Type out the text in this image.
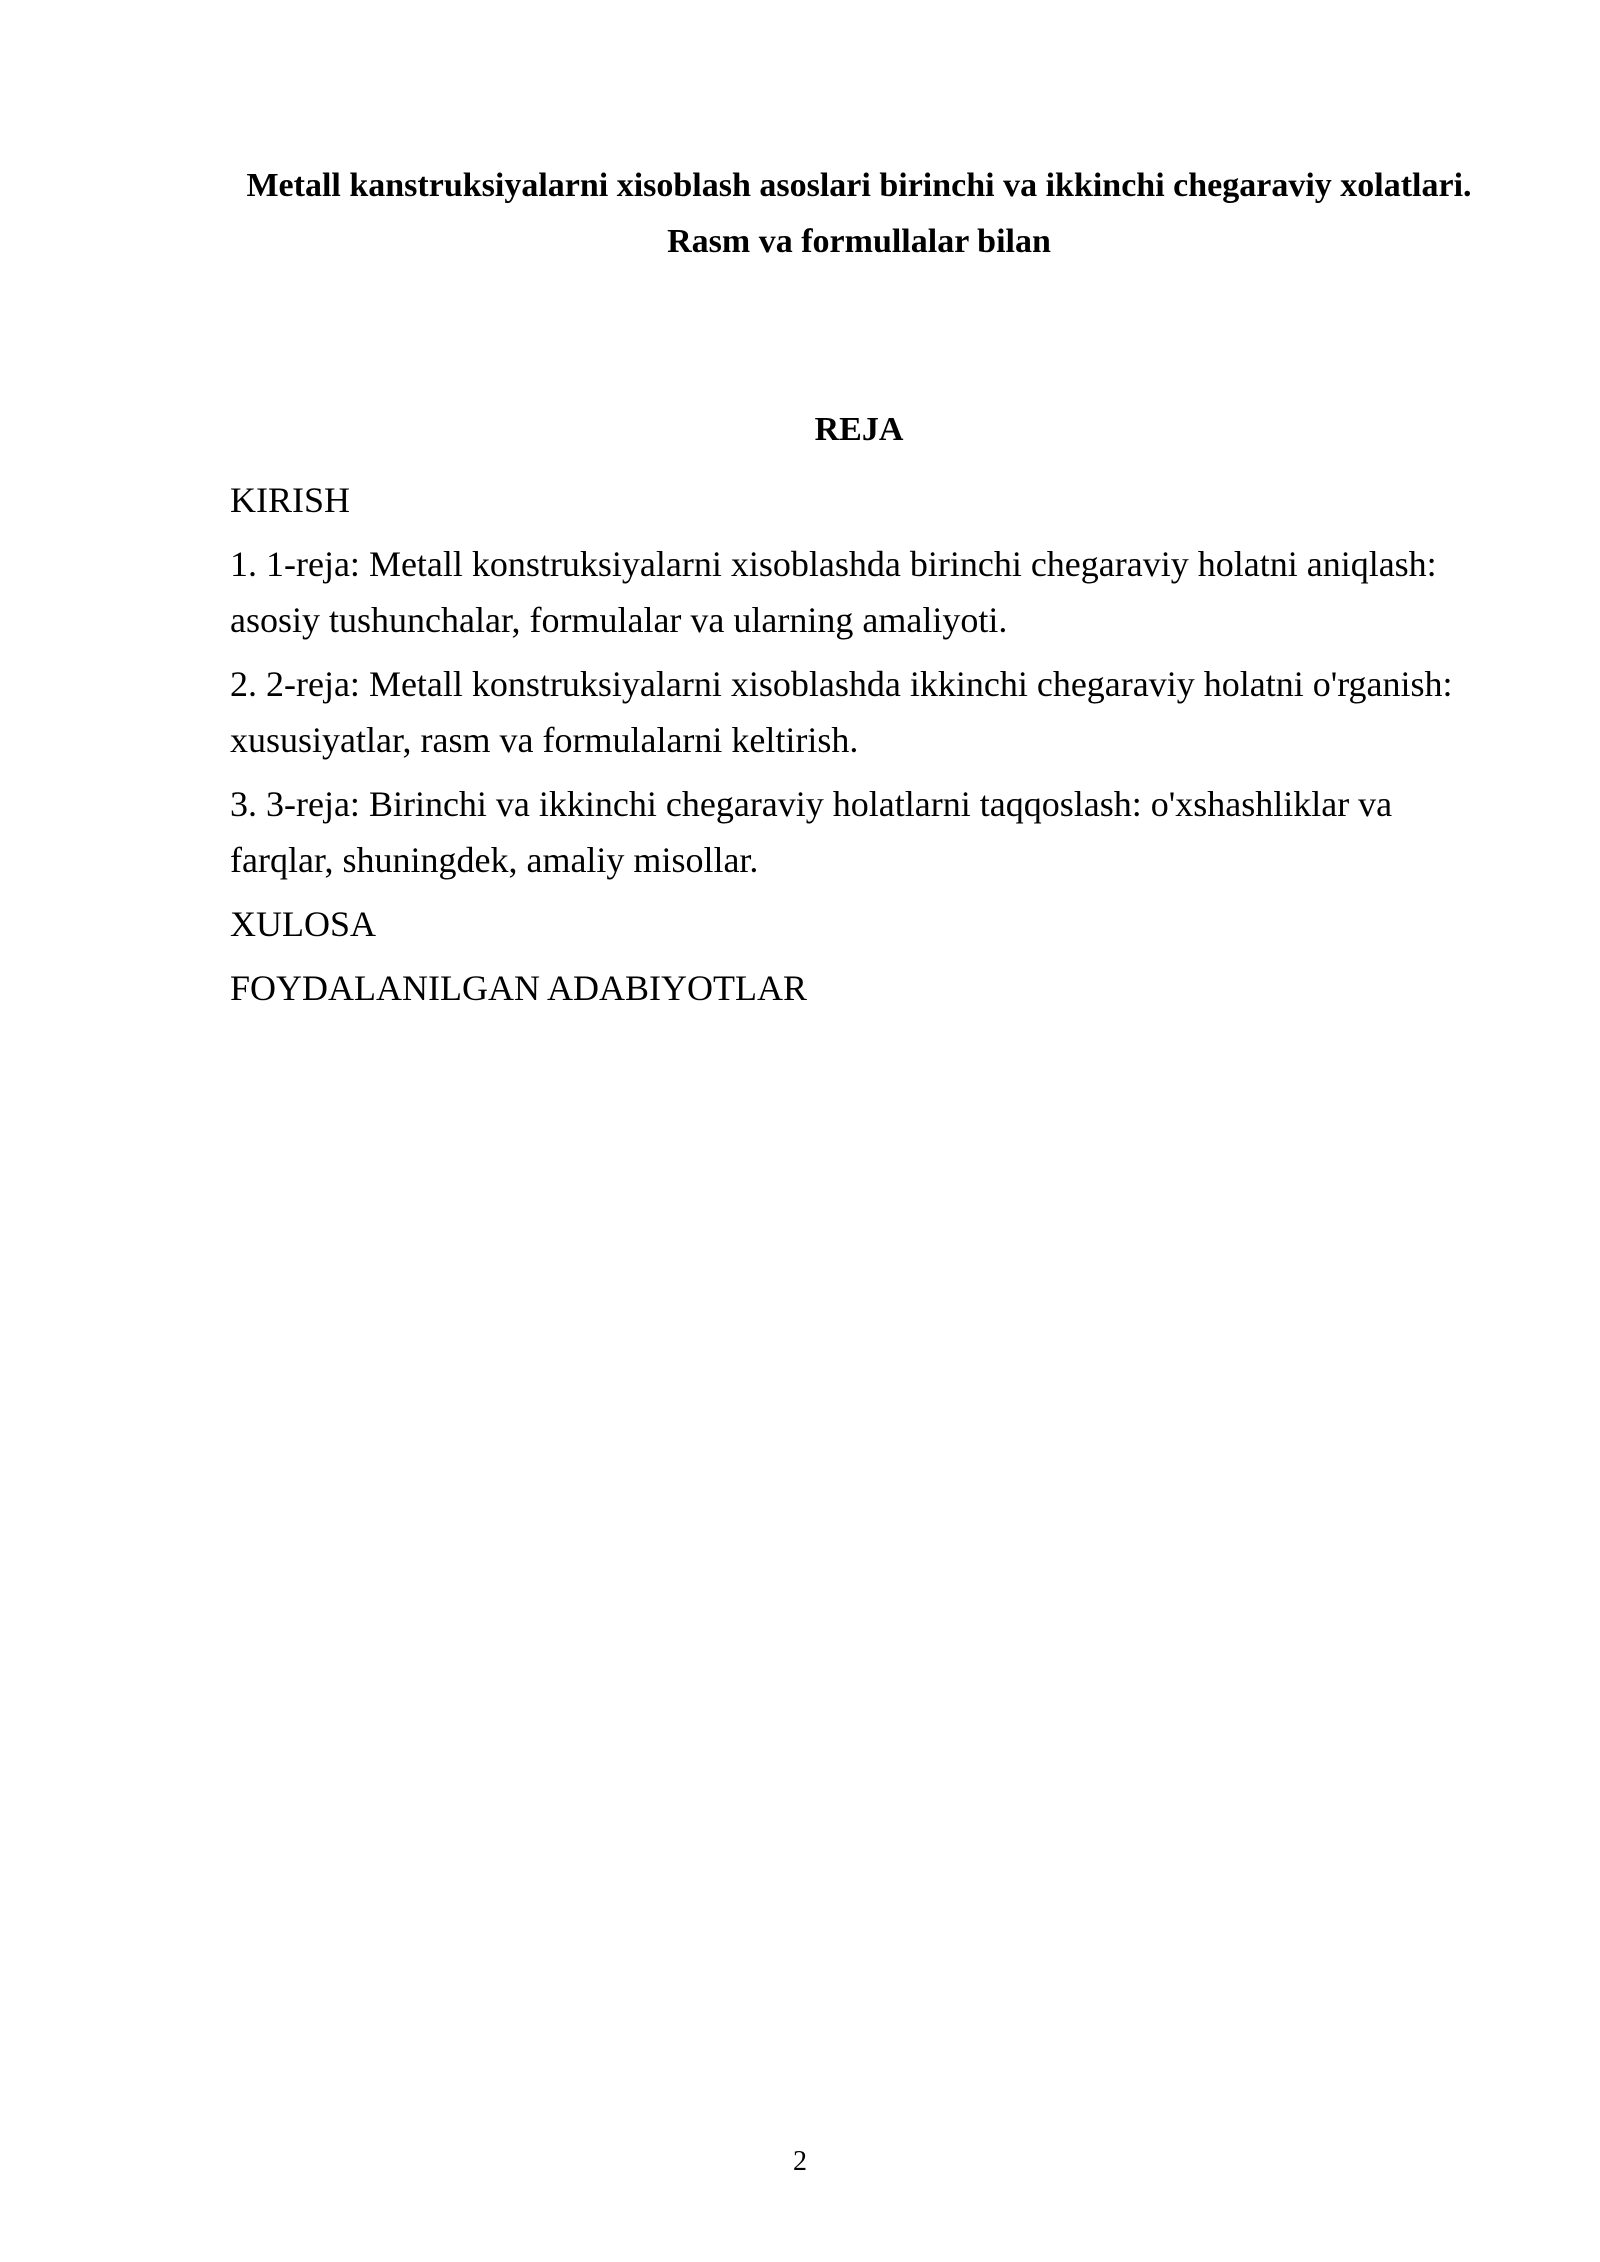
Metall kanstruksiyalarni xisoblash asoslari birinchi va ikkinchi chegaraviy xolatlari. Rasm va formullalar bilan
REJA
KIRISH
1. 1-reja: Metall konstruksiyalarni xisoblashda birinchi chegaraviy holatni aniqlash: asosiy tushunchalar, formulalar va ularning amaliyoti.
2. 2-reja: Metall konstruksiyalarni xisoblashda ikkinchi chegaraviy holatni o'rganish: xususiyatlar, rasm va formulalarni keltirish.
3. 3-reja: Birinchi va ikkinchi chegaraviy holatlarni taqqoslash: o'xshashliklar va farqlar, shuningdek, amaliy misollar.
XULOSA
FOYDALANILGAN ADABIYOTLAR
2
